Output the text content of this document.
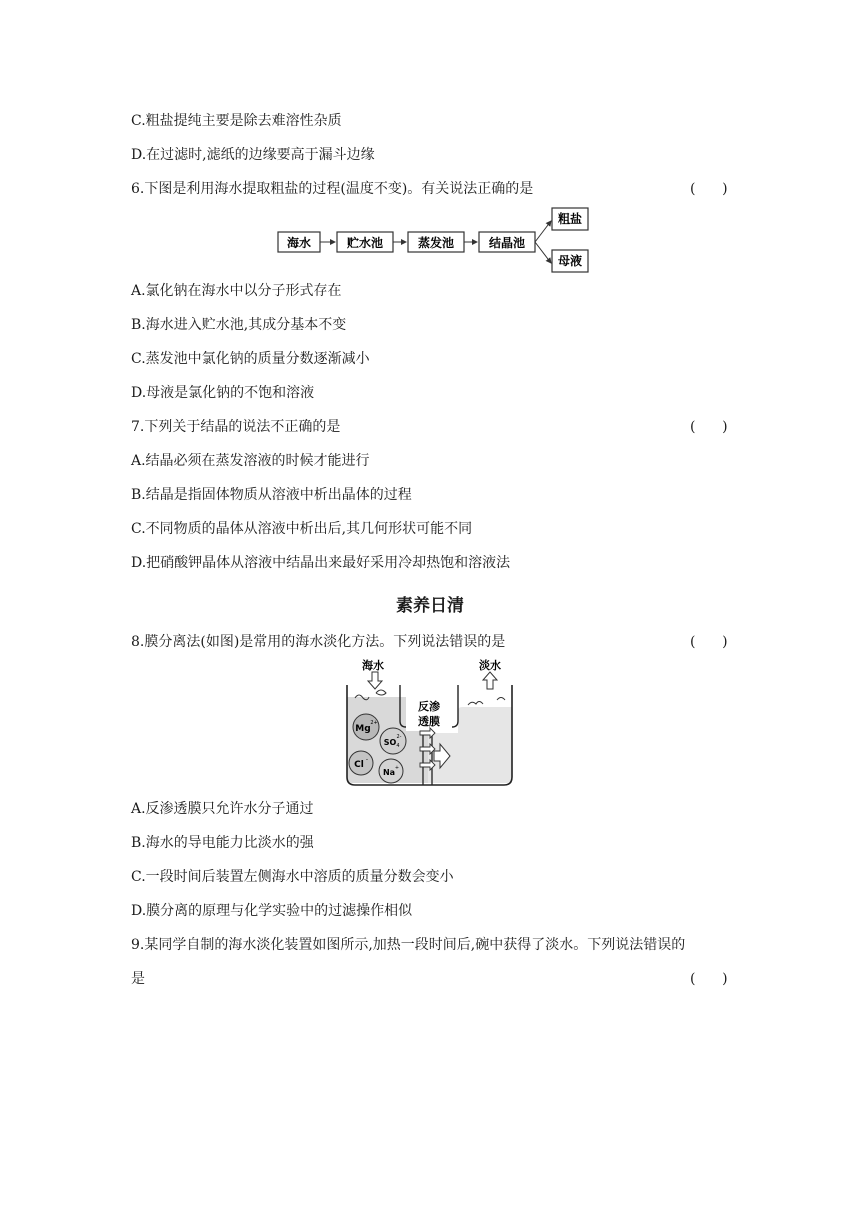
C.粗盐提纯主要是除去难溶性杂质
D.在过滤时,滤纸的边缘要高于漏斗边缘
6.下图是利用海水提取粗盐的过程(温度不变)。有关说法正确的是	(      )
海水	贮水池	蒸发池	结晶池
粗盐
母液
A.氯化钠在海水中以分子形式存在
B.海水进入贮水池,其成分基本不变
C.蒸发池中氯化钠的质量分数逐渐减小
D.母液是氯化钠的不饱和溶液
7.下列关于结晶的说法不正确的是	(      )
A.结晶必须在蒸发溶液的时候才能进行
B.结晶是指固体物质从溶液中析出晶体的过程
C.不同物质的晶体从溶液中析出后,其几何形状可能不同
D.把硝酸钾晶体从溶液中结晶出来最好采用冷却热饱和溶液法
素养日清
8.膜分离法(如图)是常用的海水淡化方法。下列说法错误的是	(      )
海水	淡水
反渗
透膜
Mg
2+
SO 4
2-
Cl
-
Na +
A.反渗透膜只允许水分子通过
B.海水的导电能力比淡水的强
C.一段时间后装置左侧海水中溶质的质量分数会变小
D.膜分离的原理与化学实验中的过滤操作相似
9.某同学自制的海水淡化装置如图所示,加热一段时间后,碗中获得了淡水。下列说法错误的
是	(      )
